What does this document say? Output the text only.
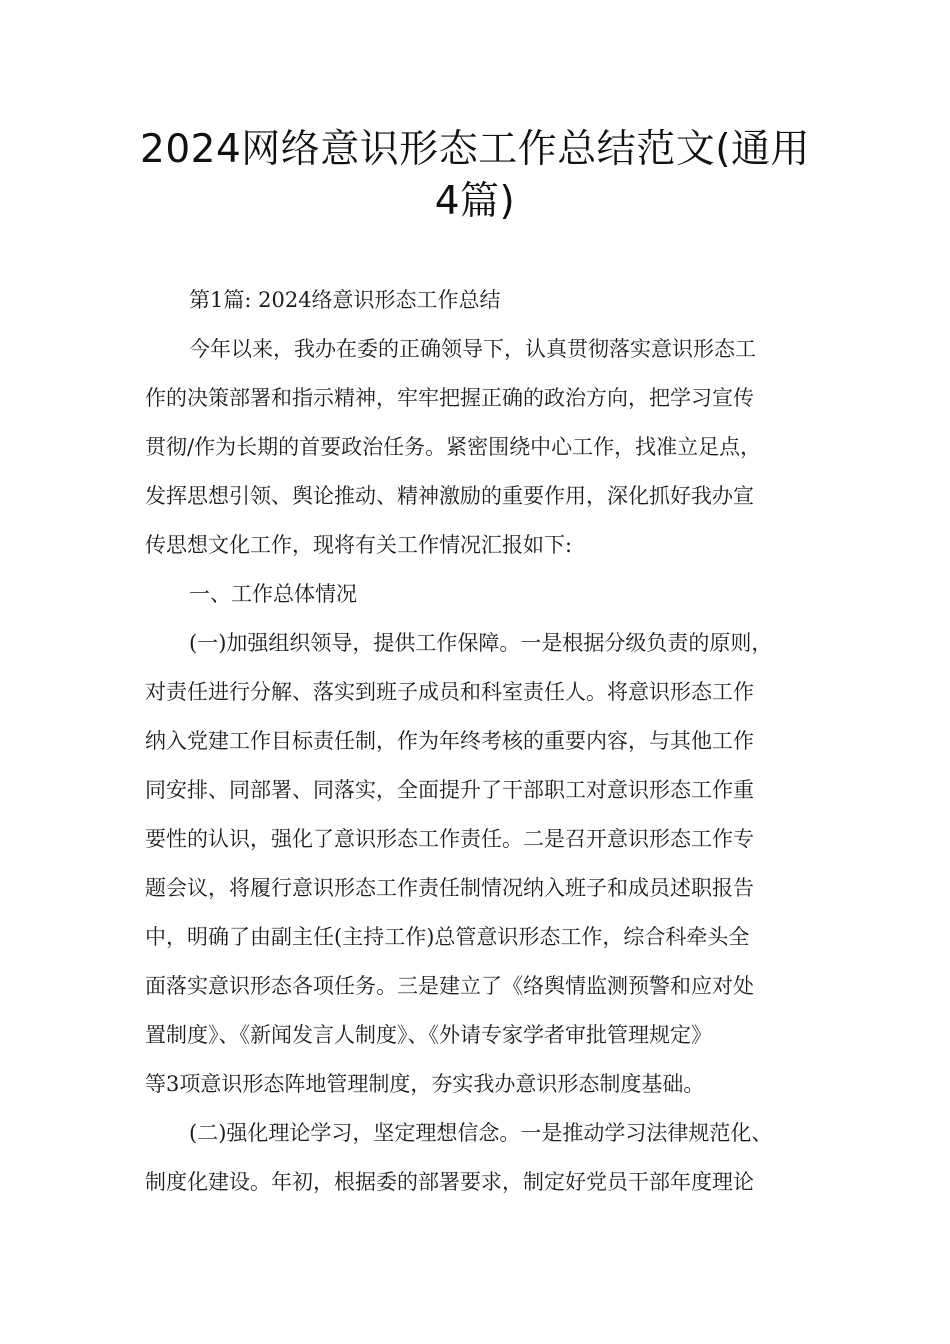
2024网络意识形态工作总结范文(通用
4篇)
第1篇: 2024络意识形态工作总结
今年以来，我办在委的正确领导下，认真贯彻落实意识形态工
作的决策部署和指示精神，牢牢把握正确的政治方向，把学习宣传
贯彻/作为长期的首要政治任务。紧密围绕中心工作，找准立足点，
发挥思想引领、舆论推动、精神激励的重要作用，深化抓好我办宣
传思想文化工作，现将有关工作情况汇报如下:
一、工作总体情况
(一)加强组织领导，提供工作保障。一是根据分级负责的原则，
对责任进行分解、落实到班子成员和科室责任人。将意识形态工作
纳入党建工作目标责任制，作为年终考核的重要内容，与其他工作
同安排、同部署、同落实，全面提升了干部职工对意识形态工作重
要性的认识，强化了意识形态工作责任。二是召开意识形态工作专
题会议，将履行意识形态工作责任制情况纳入班子和成员述职报告
中，明确了由副主任(主持工作)总管意识形态工作，综合科牵头全
面落实意识形态各项任务。三是建立了《络舆情监测预警和应对处
置制度》、《新闻发言人制度》、《外请专家学者审批管理规定》
等3项意识形态阵地管理制度，夯实我办意识形态制度基础。
(二)强化理论学习，坚定理想信念。一是推动学习法律规范化、
制度化建设。年初，根据委的部署要求，制定好党员干部年度理论
